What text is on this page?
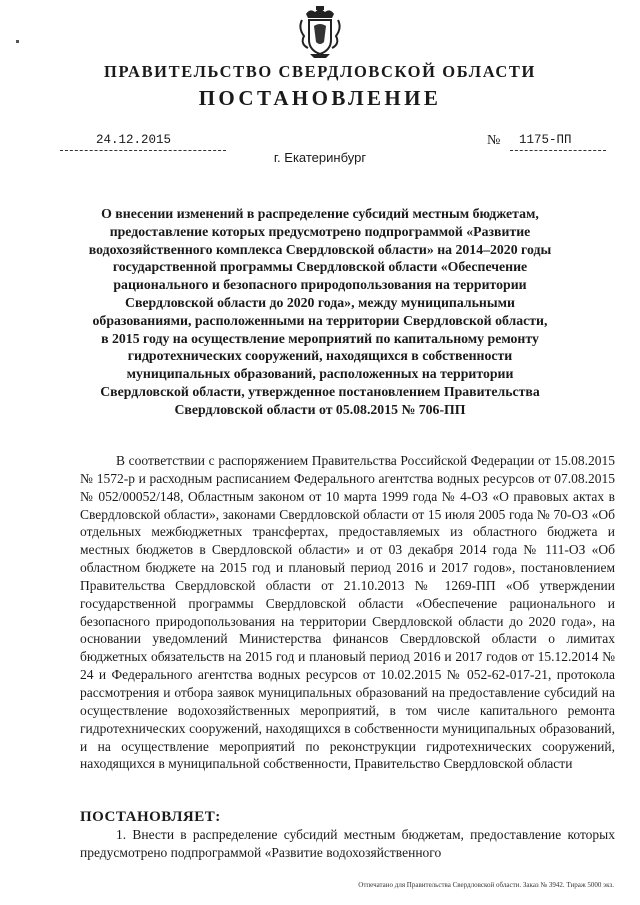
ПРАВИТЕЛЬСТВО СВЕРДЛОВСКОЙ ОБЛАСТИ
ПОСТАНОВЛЕНИЕ
24.12.2015	№ 1175-ПП
г. Екатеринбург
О внесении изменений в распределение субсидий местным бюджетам, предоставление которых предусмотрено подпрограммой «Развитие водохозяйственного комплекса Свердловской области» на 2014–2020 годы государственной программы Свердловской области «Обеспечение рационального и безопасного природопользования на территории Свердловской области до 2020 года», между муниципальными образованиями, расположенными на территории Свердловской области, в 2015 году на осуществление мероприятий по капитальному ремонту гидротехнических сооружений, находящихся в собственности муниципальных образований, расположенных на территории Свердловской области, утвержденное постановлением Правительства Свердловской области от 05.08.2015 № 706-ПП

В соответствии с распоряжением Правительства Российской Федерации от 15.08.2015 № 1572-р и расходным расписанием Федерального агентства водных ресурсов от 07.08.2015 № 052/00052/148, Областным законом от 10 марта 1999 года № 4-ОЗ «О правовых актах в Свердловской области», законами Свердловской области от 15 июля 2005 года № 70-ОЗ «Об отдельных межбюджетных трансфертах, предоставляемых из областного бюджета и местных бюджетов в Свердловской области» и от 03 декабря 2014 года № 111-ОЗ «Об областном бюджете на 2015 год и плановый период 2016 и 2017 годов», постановлением Правительства Свердловской области от 21.10.2013 № 1269-ПП «Об утверждении государственной программы Свердловской области «Обеспечение рационального и безопасного природопользования на территории Свердловской области до 2020 года», на основании уведомлений Министерства финансов Свердловской области о лимитах бюджетных обязательств на 2015 год и плановый период 2016 и 2017 годов от 15.12.2014 № 24 и Федерального агентства водных ресурсов от 10.02.2015 № 052-62-017-21, протокола рассмотрения и отбора заявок муниципальных образований на предоставление субсидий на осуществление водохозяйственных мероприятий, в том числе капитального ремонта гидротехнических сооружений, находящихся в собственности муниципальных образований, и на осуществление мероприятий по реконструкции гидротехнических сооружений, находящихся в муниципальной собственности, Правительство Свердловской области

ПОСТАНОВЛЯЕТ:

1. Внести в распределение субсидий местным бюджетам, предоставление которых предусмотрено подпрограммой «Развитие водохозяйственного

Отпечатано для Правительства Свердловской области. Заказ № 3942. Тираж 5000 экз.
